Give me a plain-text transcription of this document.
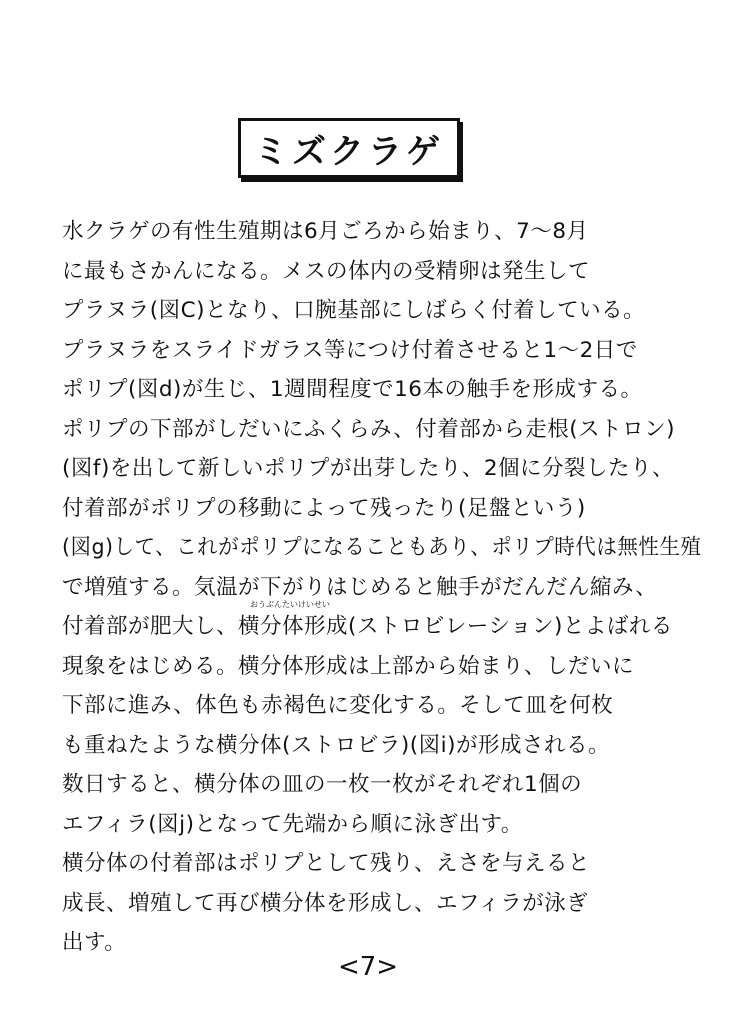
ミズクラゲ
水クラゲの有性生殖期は6月ごろから始まり、7〜8月
に最もさかんになる。メスの体内の受精卵は発生して
プラヌラ(図C)となり、口腕基部にしばらく付着している。
プラヌラをスライドガラス等につけ付着させると1〜2日で
ポリプ(図d)が生じ、1週間程度で16本の触手を形成する。
ポリプの下部がしだいにふくらみ、付着部から走根(ストロン)
(図f)を出して新しいポリプが出芽したり、2個に分裂したり、
付着部がポリプの移動によって残ったり(足盤という)
(図g)して、これがポリプになることもあり、ポリプ時代は無性生殖
で増殖する。気温が下がりはじめると触手がだんだん縮み、
おうぶんたいけいせい
付着部が肥大し、横分体形成(ストロビレーション)とよばれる
現象をはじめる。横分体形成は上部から始まり、しだいに
下部に進み、体色も赤褐色に変化する。そして皿を何枚
も重ねたような横分体(ストロビラ)(図i)が形成される。
数日すると、横分体の皿の一枚一枚がそれぞれ1個の
エフィラ(図j)となって先端から順に泳ぎ出す。
横分体の付着部はポリプとして残り、えさを与えると
成長、増殖して再び横分体を形成し、エフィラが泳ぎ
出す。
<7>
